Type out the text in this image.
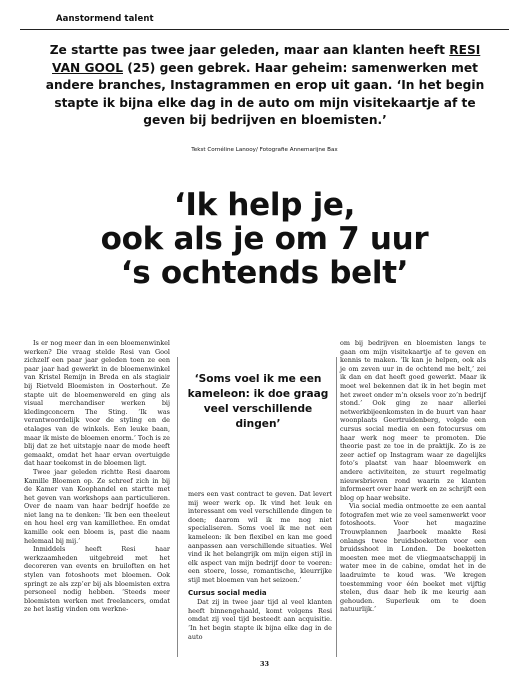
Aanstormend talent
Ze startte pas twee jaar geleden, maar aan klanten heeft RESI VAN GOOL (25) geen gebrek. Haar geheim: samenwerken met andere branches, Instagrammen en erop uit gaan. ‘In het begin stapte ik bijna elke dag in de auto om mijn visitekaartje af te geven bij bedrijven en bloemisten.’
Tekst Cornéline Lanooy/ Fotografie Annemarijne Bax
‘Ik help je,
ook als je om 7 uur
‘s ochtends belt’

Is er nog meer dan in een bloemenwinkel werken? Die vraag stelde Resi van Gool zichzelf een paar jaar geleden toen ze een paar jaar had gewerkt in de bloemenwinkel van Kristel Remijn in Breda en als stagiair bij Rietveld Bloemisten in Oosterhout. Ze stapte uit de bloemenwereld en ging als visual merchandiser werken bij kledingconcern The Sting. ‘Ik was verantwoordelijk voor de styling en de etalages van de winkels. Een leuke baan, maar ik miste de bloemen enorm.’ Toch is ze blij dat ze het uitstapje naar de mode heeft gemaakt, omdat het haar ervan overtuigde dat haar toekomst in de bloemen ligt.

Twee jaar geleden richtte Resi daarom Kamille Bloemen op. Ze schreef zich in bij de Kamer van Koophandel en startte met het geven van workshops aan particulieren. Over de naam van haar bedrijf hoefde ze niet lang na te denken: ‘Ik ben een theeleut en hou heel erg van kamillethee. En omdat kamille ook een bloem is, past die naam helemaal bij mij.’

Inmiddels heeft Resi haar werkzaamheden uitgebreid met het decoreren van events en bruiloften en het stylen van fotoshoots met bloemen. Ook springt ze als zzp’er bij als bloemisten extra personeel nodig hebben. ‘Steeds meer bloemisten werken met freelancers, omdat ze het lastig vinden om werkne-

‘Soms voel ik me een kameleon: ik doe graag veel verschillende dingen’

mers een vast contract te geven. Dat levert mij weer werk op. Ik vind het leuk en interessant om veel verschillende dingen te doen; daarom wil ik me nog niet specialiseren. Soms voel ik me net een kameleon: ik ben flexibel en kan me goed aanpassen aan verschillende situaties. Wel vind ik het belangrijk om mijn eigen stijl in elk aspect van mijn bedrijf door te voeren: een stoere, losse, romantische, kleurrijke stijl met bloemen van het seizoen.’

Cursus social media

Dat zij in twee jaar tijd al veel klanten heeft binnengehaald, komt volgens Resi omdat zij veel tijd besteedt aan acquisitie. ‘In het begin stapte ik bijna elke dag in de auto

om bij bedrijven en bloemisten langs te gaan om mijn visitekaartje af te geven en kennis te maken. ‘Ik kan je helpen, ook als je om zeven uur in de ochtend me belt,’ zei ik dan en dat heeft goed gewerkt. Maar ik moet wel bekennen dat ik in het begin met het zweet onder m’n oksels voor zo’n bedrijf stond.’ Ook ging ze naar allerlei netwerkbijeenkomsten in de buurt van haar woonplaats Geertruidenberg, volgde een cursus social media en een fotocursus om haar werk nog meer te promoten. Die theorie past ze toe in de praktijk. Zo is ze zeer actief op Instagram waar ze dagelijks foto’s plaatst van haar bloemwerk en andere activiteiten, ze stuurt regelmatig nieuwsbrieven rond waarin ze klanten informeert over haar werk en ze schrijft een blog op haar website.

Via social media ontmoette ze een aantal fotografen met wie ze veel samenwerkt voor fotoshoots. Voor het magazine Trouwplannen Jaarboek maakte Resi onlangs twee bruidsboeketten voor een bruidsshoot in Londen. De boeketten moesten mee met de vliegmaatschappij in water mee in de cabine, omdat het in de laadruimte te koud was. ‘We kregen toestemming voor één boeket met vijftig stelen, dus daar heb ik me keurig aan gehouden. Superleuk om te doen natuurlijk.’

33
